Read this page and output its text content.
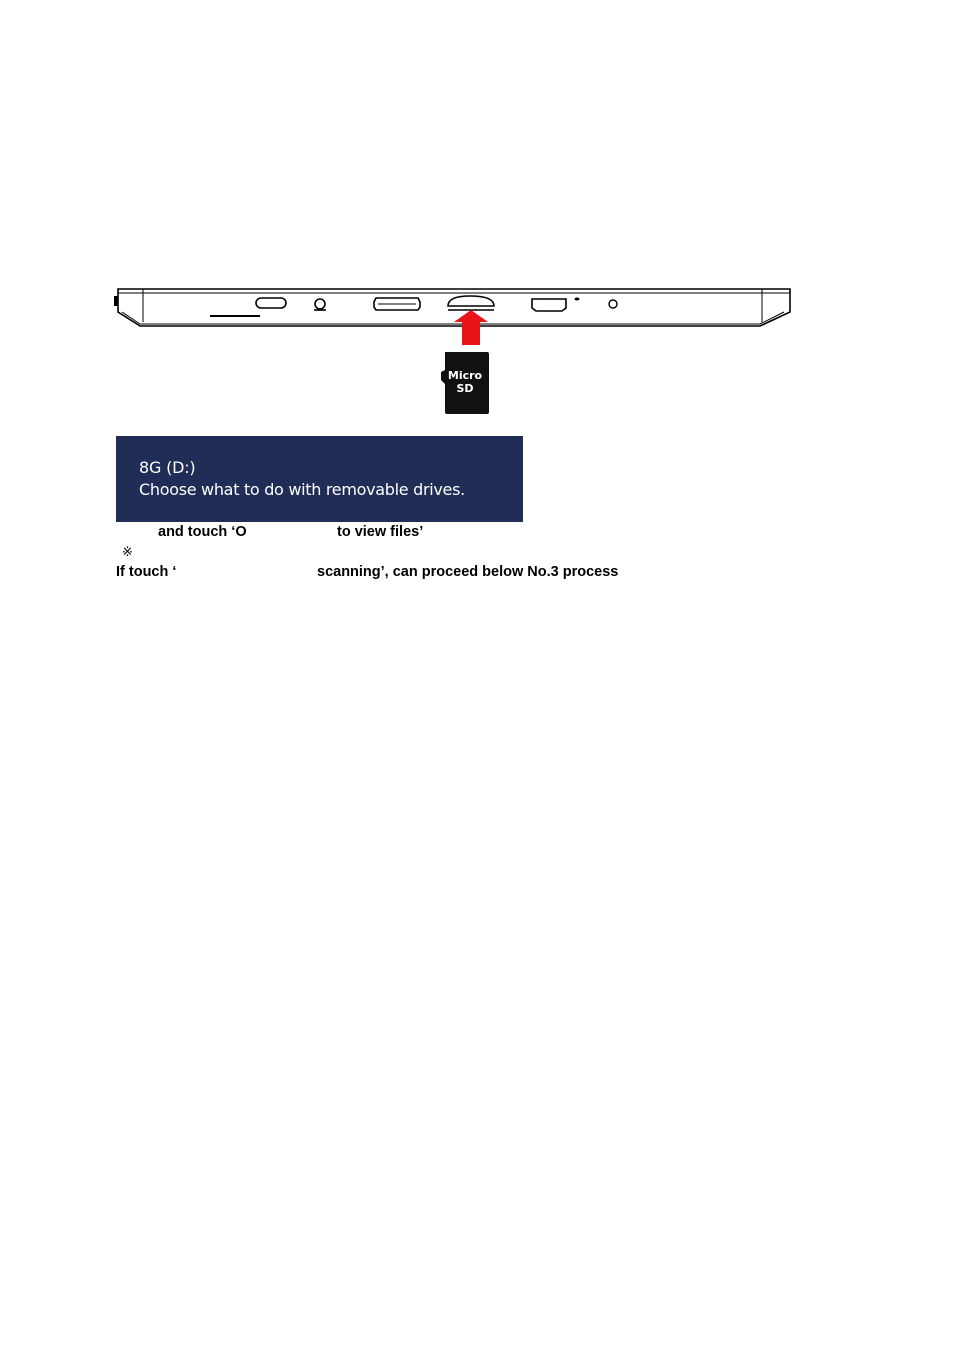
Micro
SD
8G (D:)
Choose what to do with removable drives.
and touch ‘O	to view files’
※
If touch ‘	scanning’, can proceed below No.3 process
